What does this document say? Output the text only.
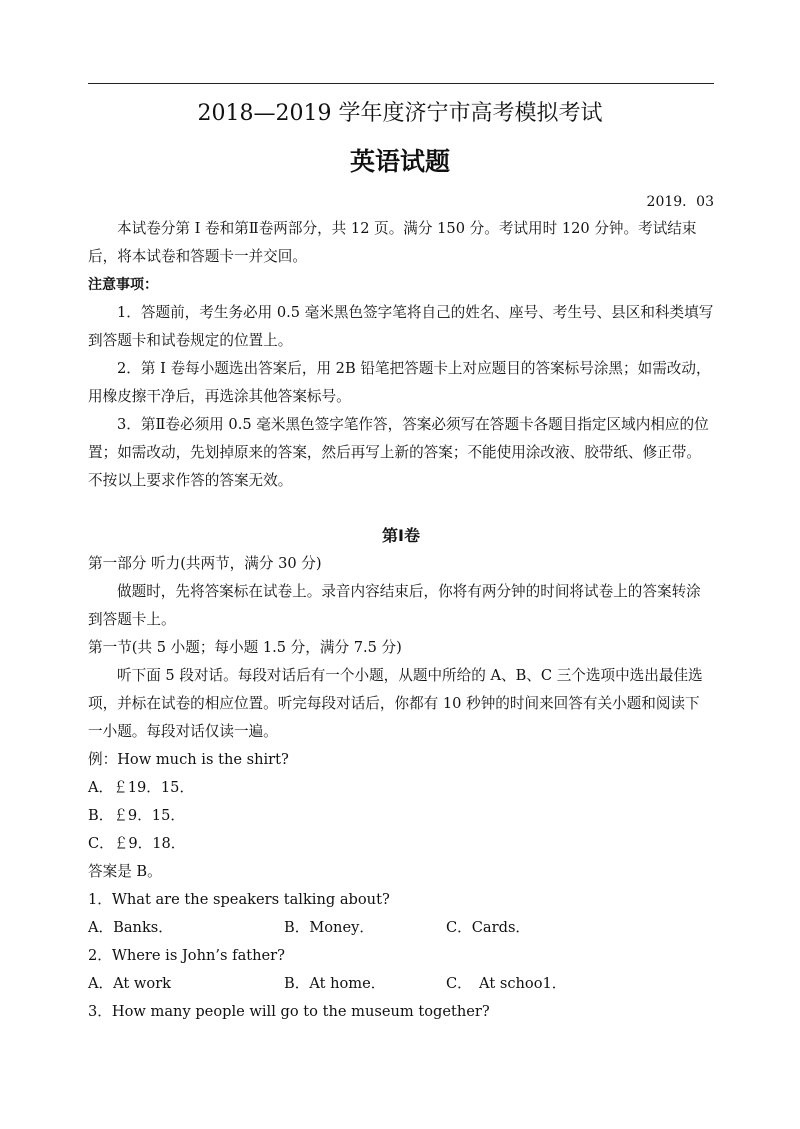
2018—2019 学年度济宁市高考模拟考试
英语试题
2019．03

本试卷分第 I 卷和第Ⅱ卷两部分，共 12 页。满分 150 分。考试用时 120 分钟。考试结束后，将本试卷和答题卡一并交回。

注意事项：

1．答题前，考生务必用 0.5 毫米黑色签字笔将自己的姓名、座号、考生号、县区和科类填写到答题卡和试卷规定的位置上。

2．第 I 卷每小题选出答案后，用 2B 铅笔把答题卡上对应题目的答案标号涂黑；如需改动，用橡皮擦干净后，再选涂其他答案标号。

3．第Ⅱ卷必须用 0.5 毫米黑色签字笔作答，答案必须写在答题卡各题目指定区域内相应的位置；如需改动，先划掉原来的答案，然后再写上新的答案；不能使用涂改液、胶带纸、修正带。不按以上要求作答的答案无效。

第Ⅰ卷

第一部分 听力(共两节，满分 30 分)

做题时，先将答案标在试卷上。录音内容结束后，你将有两分钟的时间将试卷上的答案转涂到答题卡上。

第一节(共 5 小题；每小题 1.5 分，满分 7.5 分)

听下面 5 段对话。每段对话后有一个小题，从题中所给的 A、B、C 三个选项中选出最佳选项，并标在试卷的相应位置。听完每段对话后，你都有 10 秒钟的时间来回答有关小题和阅读下一小题。每段对话仅读一遍。

例：How much is the shirt?
A．￡19．15．
B．￡9．15．
C．￡9．18．
答案是 B。
1．What are the speakers talking about?
A．Banks．	B．Money．	C．Cards．
2．Where is John’s father?
A．At work	B．At home．	C．　At schoo1．
3．How many people will go to the museum together?
